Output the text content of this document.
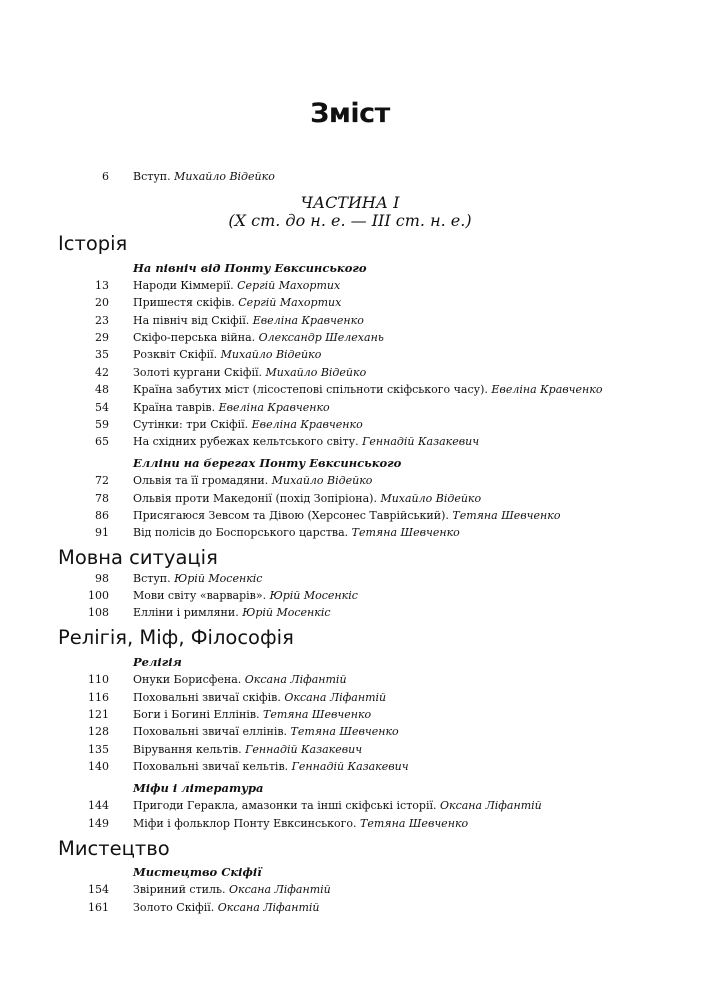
Зміст
6 Вступ. Михайло Відейко
ЧАСТИНА І
(Х ст. до н. е. — ІІІ ст. н. е.)
Історія
На північ від Понту Евксинського
13 Народи Кіммерії. Сергій Махортих
20 Пришестя скіфів. Сергій Махортих
23 На північ від Скіфії. Евеліна Кравченко
29 Скіфо-перська війна. Олександр Шелехань
35 Розквіт Скіфії. Михайло Відейко
42 Золоті кургани Скіфії. Михайло Відейко
48 Країна забутих міст (лісостепові спільноти скіфського часу). Евеліна Кравченко
54 Країна таврів. Евеліна Кравченко
59 Сутінки: три Скіфії. Евеліна Кравченко
65 На східних рубежах кельтського світу. Геннадій Казакевич
Елліни на берегах Понту Евксинського
72 Ольвія та її громадяни. Михайло Відейко
78 Ольвія проти Македонії (похід Зопіріона). Михайло Відейко
86 Присягаюся Зевсом та Дівою (Херсонес Таврійський). Тетяна Шевченко
91 Від полісів до Боспорського царства. Тетяна Шевченко
Мовна ситуація
98 Вступ. Юрій Мосенкіс
100 Мови світу «варварів». Юрій Мосенкіс
108 Елліни і римляни. Юрій Мосенкіс
Релігія, Міф, Філософія
Релігія
110 Онуки Борисфена. Оксана Ліфантій
116 Поховальні звичаї скіфів. Оксана Ліфантій
121 Боги і Богині Еллінів. Тетяна Шевченко
128 Поховальні звичаї еллінів. Тетяна Шевченко
135 Вірування кельтів. Геннадій Казакевич
140 Поховальні звичаї кельтів. Геннадій Казакевич
Міфи і література
144 Пригоди Геракла, амазонки та інші скіфські історії. Оксана Ліфантій
149 Міфи і фольклор Понту Евксинського. Тетяна Шевченко
Мистецтво
Мистецтво Скіфії
154 Звіриний стиль. Оксана Ліфантій
161 Золото Скіфії. Оксана Ліфантій
